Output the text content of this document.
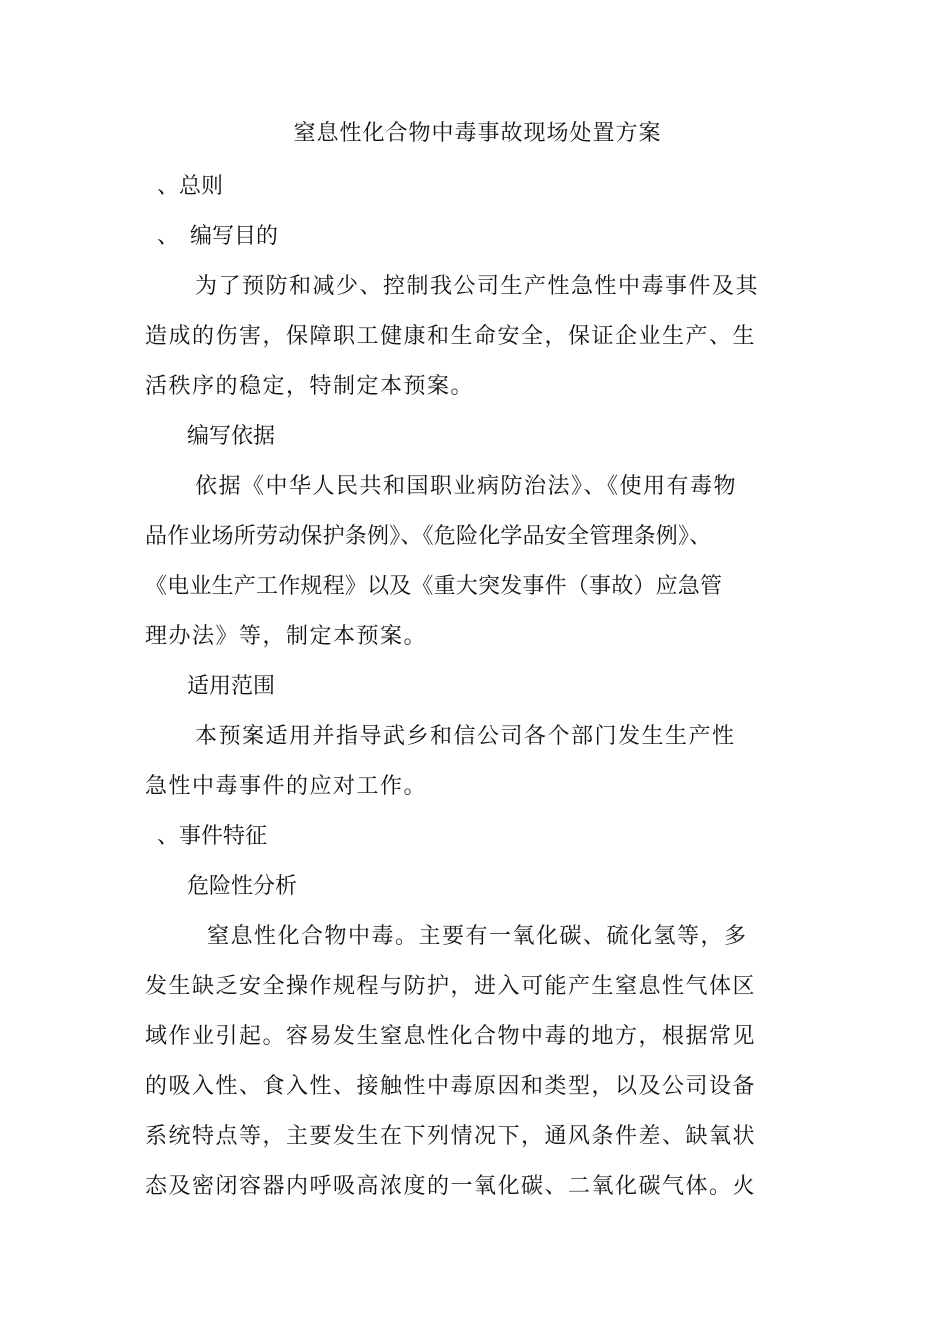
窒息性化合物中毒事故现场处置方案

、总则

、　编写目的

为了预防和减少、控制我公司生产性急性中毒事件及其

造成的伤害，保障职工健康和生命安全，保证企业生产、生

活秩序的稳定，特制定本预案。

编写依据

依据《中华人民共和国职业病防治法》、《使用有毒物

品作业场所劳动保护条例》、《危险化学品安全管理条例》、

《电业生产工作规程》以及《重大突发事件（事故）应急管

理办法》等，制定本预案。

适用范围

本预案适用并指导武乡和信公司各个部门发生生产性

急性中毒事件的应对工作。

、事件特征

危险性分析

窒息性化合物中毒。主要有一氧化碳、硫化氢等，多

发生缺乏安全操作规程与防护，进入可能产生窒息性气体区

域作业引起。容易发生窒息性化合物中毒的地方，根据常见

的吸入性、食入性、接触性中毒原因和类型，以及公司设备

系统特点等，主要发生在下列情况下，通风条件差、缺氧状

态及密闭容器内呼吸高浓度的一氧化碳、二氧化碳气体。火
